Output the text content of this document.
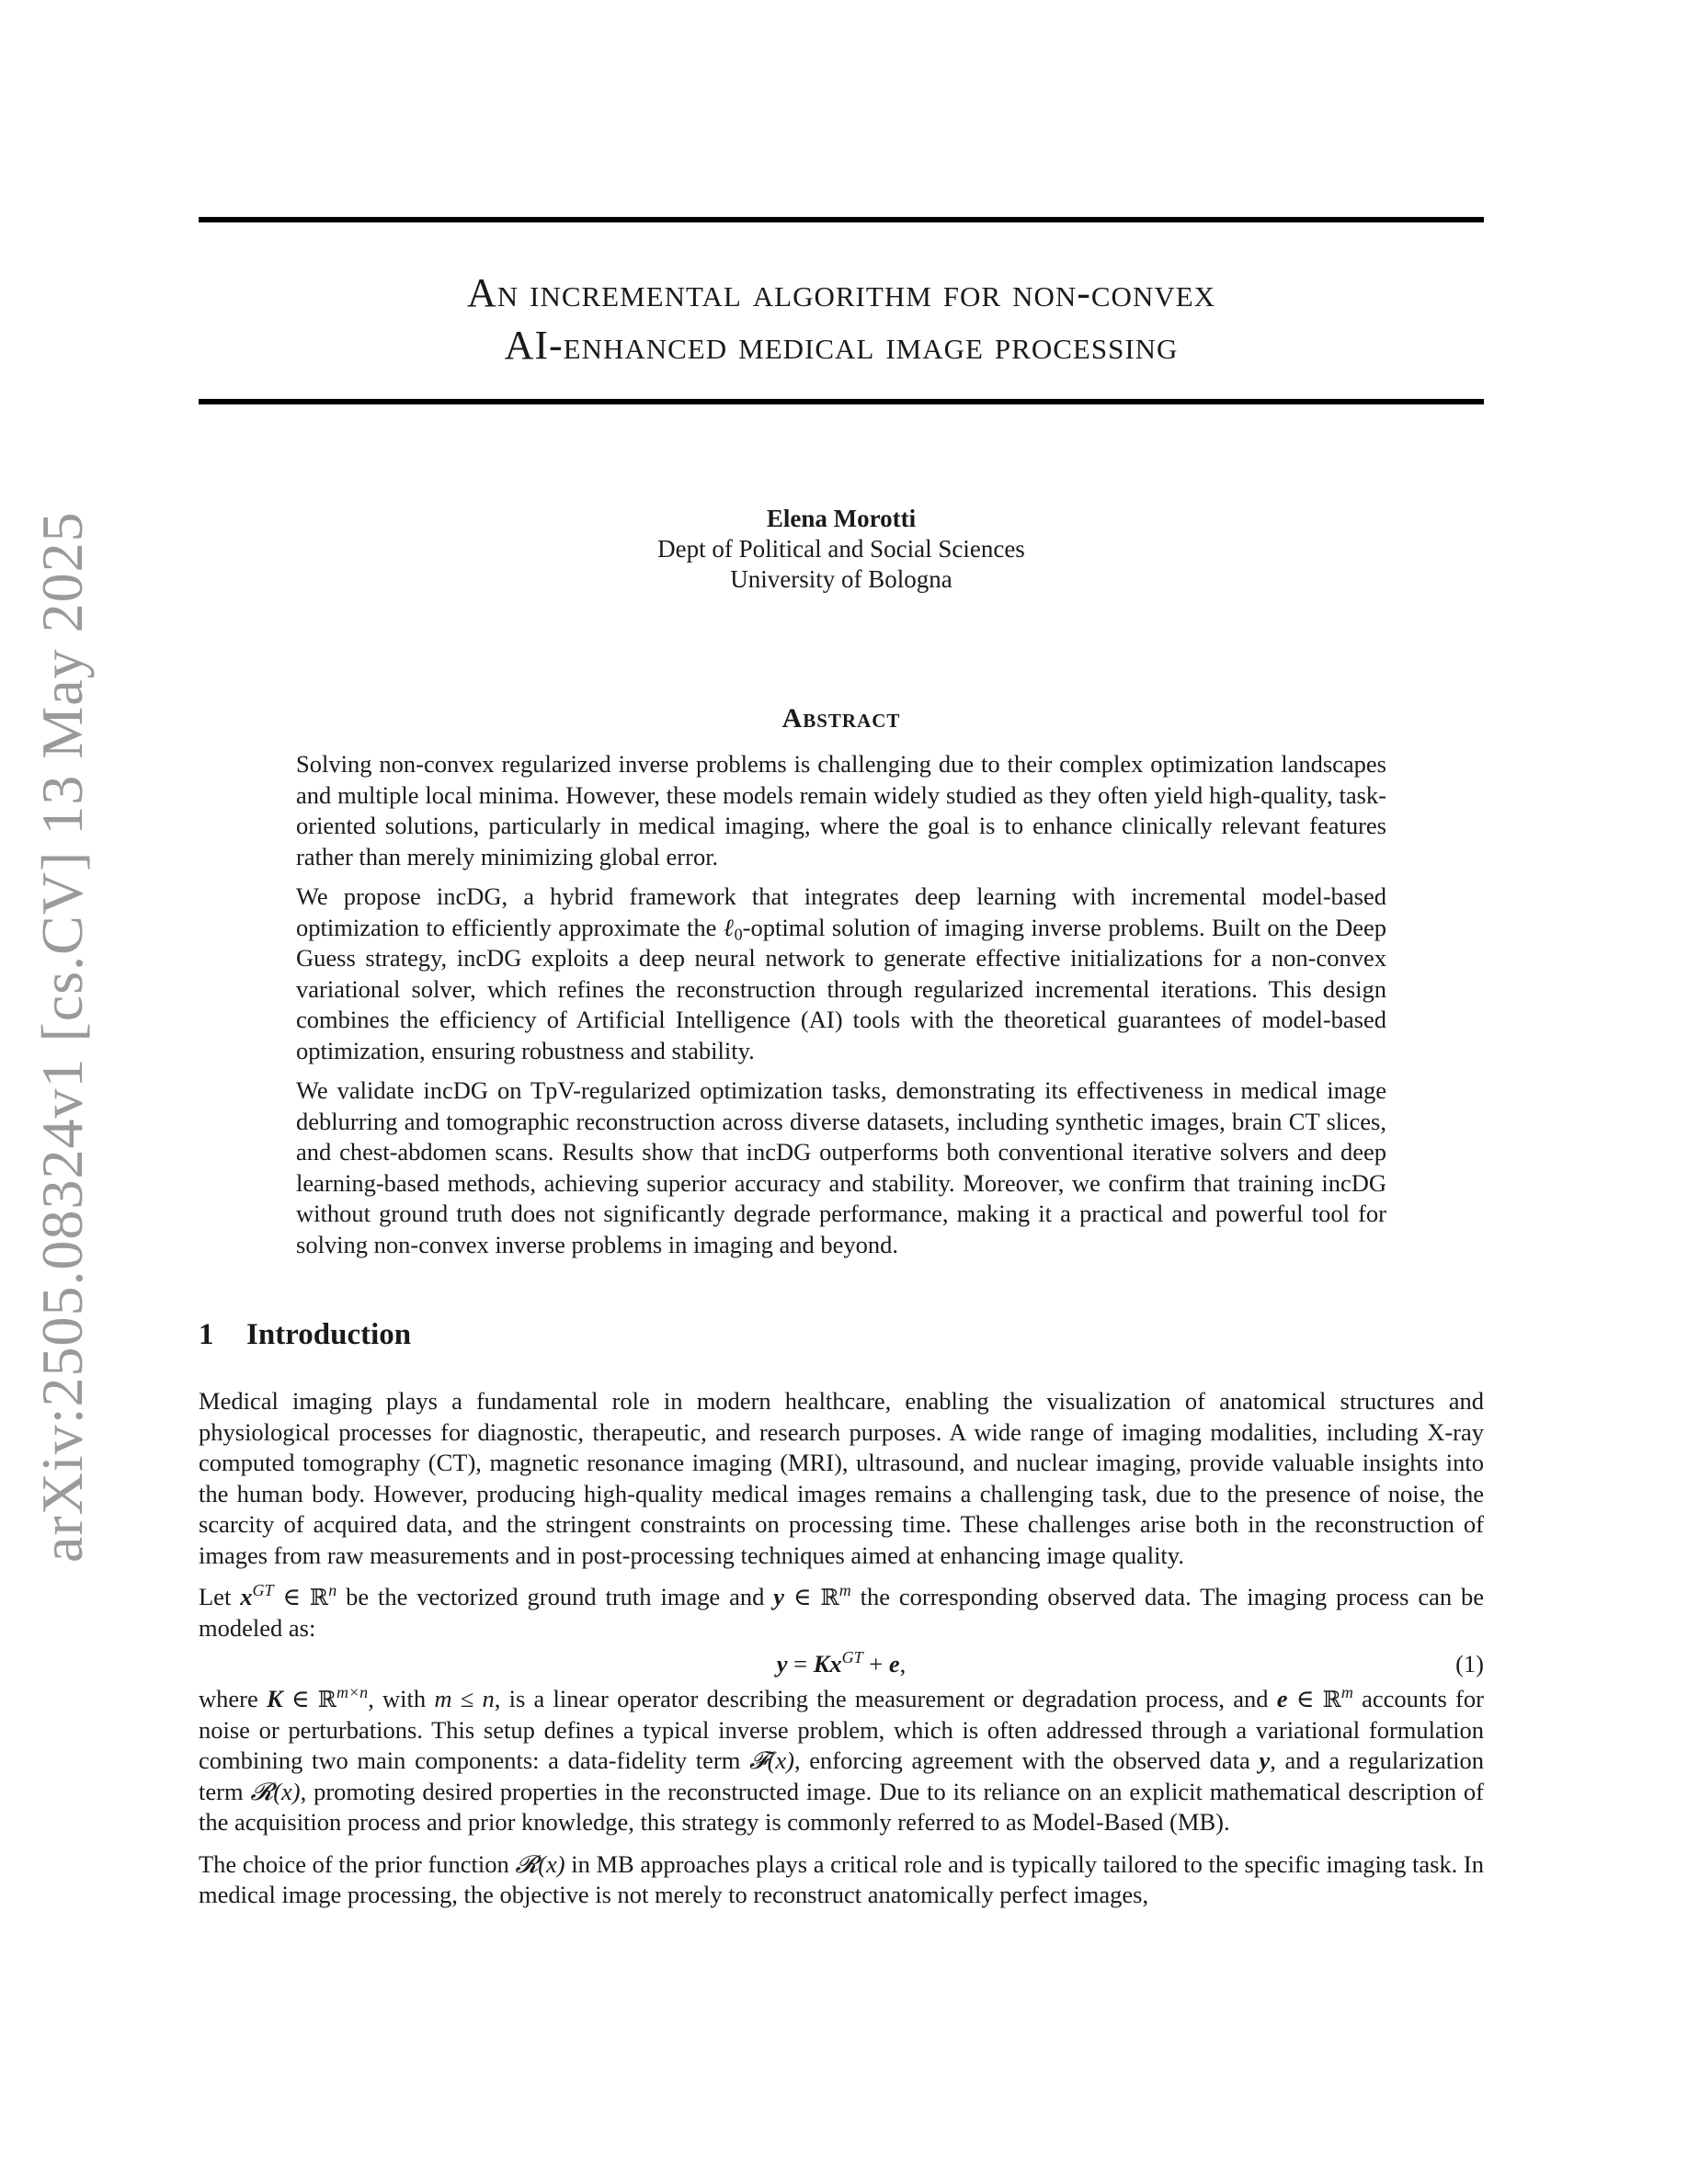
arXiv:2505.08324v1 [cs.CV] 13 May 2025
An incremental algorithm for non-convex
AI-enhanced medical image processing
Elena Morotti
Dept of Political and Social Sciences
University of Bologna
Abstract

Solving non-convex regularized inverse problems is challenging due to their complex optimization landscapes and multiple local minima. However, these models remain widely studied as they often yield high-quality, task-oriented solutions, particularly in medical imaging, where the goal is to enhance clinically relevant features rather than merely minimizing global error.

We propose incDG, a hybrid framework that integrates deep learning with incremental model-based optimization to efficiently approximate the ℓ$_0$-optimal solution of imaging inverse problems. Built on the Deep Guess strategy, incDG exploits a deep neural network to generate effective initializations for a non-convex variational solver, which refines the reconstruction through regularized incremental iterations. This design combines the efficiency of Artificial Intelligence (AI) tools with the theoretical guarantees of model-based optimization, ensuring robustness and stability.

We validate incDG on TpV-regularized optimization tasks, demonstrating its effectiveness in medical image deblurring and tomographic reconstruction across diverse datasets, including synthetic images, brain CT slices, and chest-abdomen scans. Results show that incDG outperforms both conventional iterative solvers and deep learning-based methods, achieving superior accuracy and stability. Moreover, we confirm that training incDG without ground truth does not significantly degrade performance, making it a practical and powerful tool for solving non-convex inverse problems in imaging and beyond.

1 Introduction

Medical imaging plays a fundamental role in modern healthcare, enabling the visualization of anatomical structures and physiological processes for diagnostic, therapeutic, and research purposes. A wide range of imaging modalities, including X-ray computed tomography (CT), magnetic resonance imaging (MRI), ultrasound, and nuclear imaging, provide valuable insights into the human body. However, producing high-quality medical images remains a challenging task, due to the presence of noise, the scarcity of acquired data, and the stringent constraints on processing time. These challenges arise both in the reconstruction of images from raw measurements and in post-processing techniques aimed at enhancing image quality.

Let $x^{GT}$ ∈ ℝ$^n$ be the vectorized ground truth image and y ∈ ℝ$^m$ the corresponding observed data. The imaging process can be modeled as:

$y = Kx^{GT} + e$,	(1)

where K ∈ ℝ$^{m\times n}$, with m ≤ n, is a linear operator describing the measurement or degradation process, and e ∈ ℝ$^m$ accounts for noise or perturbations. This setup defines a typical inverse problem, which is often addressed through a variational formulation combining two main components: a data-fidelity term 𝓕(x), enforcing agreement with the observed data y, and a regularization term 𝓡(x), promoting desired properties in the reconstructed image. Due to its reliance on an explicit mathematical description of the acquisition process and prior knowledge, this strategy is commonly referred to as Model-Based (MB).

The choice of the prior function 𝓡(x) in MB approaches plays a critical role and is typically tailored to the specific imaging task. In medical image processing, the objective is not merely to reconstruct anatomically perfect images,
